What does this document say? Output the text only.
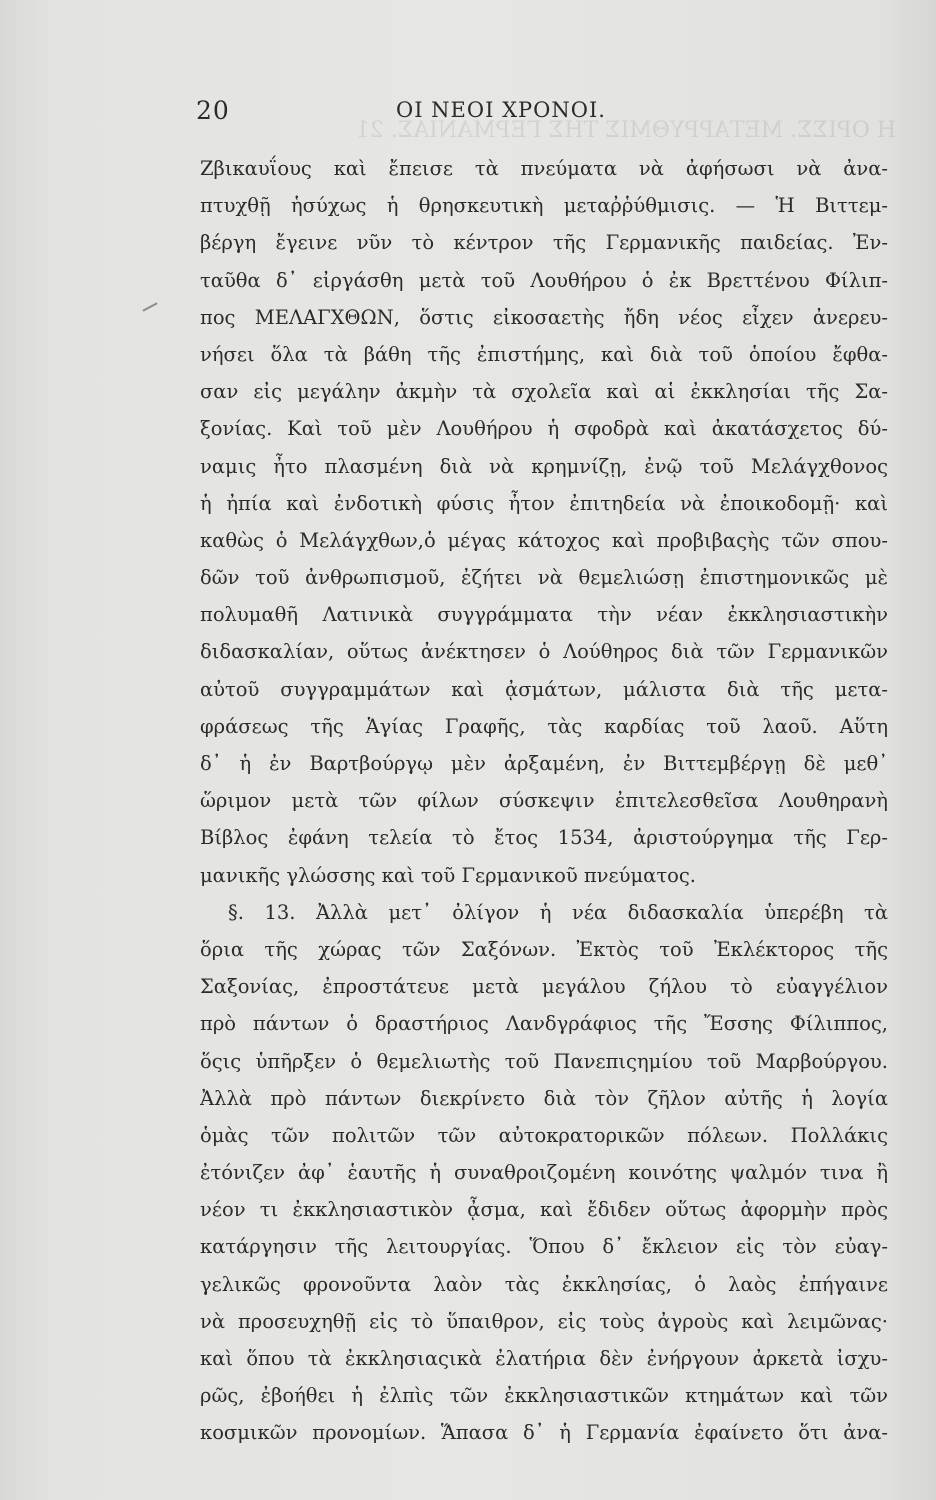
Η ΟΡΙΣΣ. ΜΕΤΑΡΡΥΘΜΙΣ ΤΗΣ ΓΕΡΜΑΝΙΑΣ. 21
20	ΟΙ ΝΕΟΙ ΧΡΟΝΟΙ.
Ζβικαυΐους καὶ ἔπεισε τὰ πνεύματα νὰ ἀφήσωσι νὰ ἀνα-
πτυχθῇ ἡσύχως ἡ θρησκευτικὴ μεταῤῥύθμισις. — Ἡ Βιττεμ-
βέργη ἔγεινε νῦν τὸ κέντρον τῆς Γερμανικῆς παιδείας. Ἐν-
ταῦθα δ᾽ εἰργάσθη μετὰ τοῦ Λουθήρου ὁ ἐκ Βρεττένου Φίλιπ-
πος ΜΕΛΑΓΧΘΩΝ, ὅστις εἰκοσαετὴς ἤδη νέος εἶχεν ἀνερευ-
νήσει ὅλα τὰ βάθη τῆς ἐπιστήμης, καὶ διὰ τοῦ ὁποίου ἔφθα-
σαν εἰς μεγάλην ἀκμὴν τὰ σχολεῖα καὶ αἱ ἐκκλησίαι τῆς Σα-
ξονίας. Καὶ τοῦ μὲν Λουθήρου ἡ σφοδρὰ καὶ ἀκατάσχετος δύ-
ναμις ἦτο πλασμένη διὰ νὰ κρημνίζῃ, ἐνῷ τοῦ Μελάγχθονος
ἡ ἠπία καὶ ἐνδοτικὴ φύσις ἦτον ἐπιτηδεία νὰ ἐποικοδομῇ· καὶ
καθὼς ὁ Μελάγχθων,ὁ μέγας κάτοχος καὶ προβιβαςὴς τῶν σπου-
δῶν τοῦ ἀνθρωπισμοῦ, ἐζήτει νὰ θεμελιώσῃ ἐπιστημονικῶς μὲ
πολυμαθῆ Λατινικὰ συγγράμματα τὴν νέαν ἐκκλησιαστικὴν
διδασκαλίαν, οὕτως ἀνέκτησεν ὁ Λούθηρος διὰ τῶν Γερμανικῶν
αὐτοῦ συγγραμμάτων καὶ ᾀσμάτων, μάλιστα διὰ τῆς μετα-
φράσεως τῆς Ἁγίας Γραφῆς, τὰς καρδίας τοῦ λαοῦ. Αὕτη
δ᾽ ἡ ἐν Βαρτβούργῳ μὲν ἀρξαμένη, ἐν Βιττεμβέργῃ δὲ μεθ᾽
ὥριμον μετὰ τῶν φίλων σύσκεψιν ἐπιτελεσθεῖσα Λουθηρανὴ
Βίβλος ἐφάνη τελεία τὸ ἔτος 1534, ἀριστούργημα τῆς Γερ-
μανικῆς γλώσσης καὶ τοῦ Γερμανικοῦ πνεύματος.
§. 13. Ἀλλὰ μετ᾽ ὀλίγον ἡ νέα διδασκαλία ὑπερέβη τὰ
ὅρια τῆς χώρας τῶν Σαξόνων. Ἐκτὸς τοῦ Ἐκλέκτορος τῆς
Σαξονίας, ἐπροστάτευε μετὰ μεγάλου ζήλου τὸ εὐαγγέλιον
πρὸ πάντων ὁ δραστήριος Λανδγράφιος τῆς Ἔσσης Φίλιππος,
ὅςις ὑπῆρξεν ὁ θεμελιωτὴς τοῦ Πανεπιςημίου τοῦ Μαρβούργου.
Ἀλλὰ πρὸ πάντων διεκρίνετο διὰ τὸν ζῆλον αὐτῆς ἡ λογία
ὁμὰς τῶν πολιτῶν τῶν αὐτοκρατορικῶν πόλεων. Πολλάκις
ἐτόνιζεν ἀφ᾽ ἑαυτῆς ἡ συναθροιζομένη κοινότης ψαλμόν τινα ἢ
νέον τι ἐκκλησιαστικὸν ᾆσμα, καὶ ἔδιδεν οὕτως ἀφορμὴν πρὸς
κατάργησιν τῆς λειτουργίας. Ὅπου δ᾽ ἔκλειον εἰς τὸν εὐαγ-
γελικῶς φρονοῦντα λαὸν τὰς ἐκκλησίας, ὁ λαὸς ἐπήγαινε
νὰ προσευχηθῇ εἰς τὸ ὕπαιθρον, εἰς τοὺς ἀγροὺς καὶ λειμῶνας·
καὶ ὅπου τὰ ἐκκλησιαςικὰ ἐλατήρια δὲν ἐνήργουν ἀρκετὰ ἰσχυ-
ρῶς, ἐβοήθει ἡ ἐλπὶς τῶν ἐκκλησιαστικῶν κτημάτων καὶ τῶν
κοσμικῶν προνομίων. Ἅπασα δ᾽ ἡ Γερμανία ἐφαίνετο ὅτι ἀνα-
